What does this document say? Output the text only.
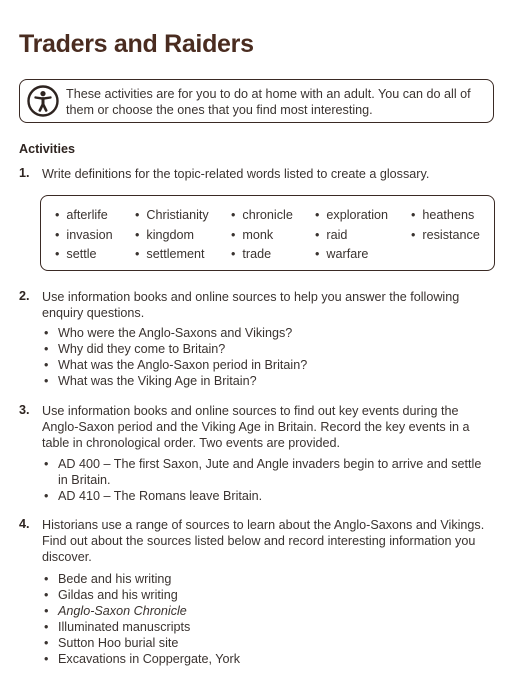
Traders and Raiders
These activities are for you to do at home with an adult. You can do all of them or choose the ones that you find most interesting.
Activities
1. Write definitions for the topic-related words listed to create a glossary.
• afterlife
• invasion
• settle
• Christianity
• kingdom
• settlement
• chronicle
• monk
• trade
• exploration
• raid
• warfare
• heathens
• resistance
2. Use information books and online sources to help you answer the following enquiry questions.
• Who were the Anglo-Saxons and Vikings?
• Why did they come to Britain?
• What was the Anglo-Saxon period in Britain?
• What was the Viking Age in Britain?
3. Use information books and online sources to find out key events during the Anglo-Saxon period and the Viking Age in Britain. Record the key events in a table in chronological order. Two events are provided.
• AD 400 – The first Saxon, Jute and Angle invaders begin to arrive and settle in Britain.
• AD 410 – The Romans leave Britain.
4. Historians use a range of sources to learn about the Anglo-Saxons and Vikings. Find out about the sources listed below and record interesting information you discover.
• Bede and his writing
• Gildas and his writing
• Anglo-Saxon Chronicle
• Illuminated manuscripts
• Sutton Hoo burial site
• Excavations in Coppergate, York
